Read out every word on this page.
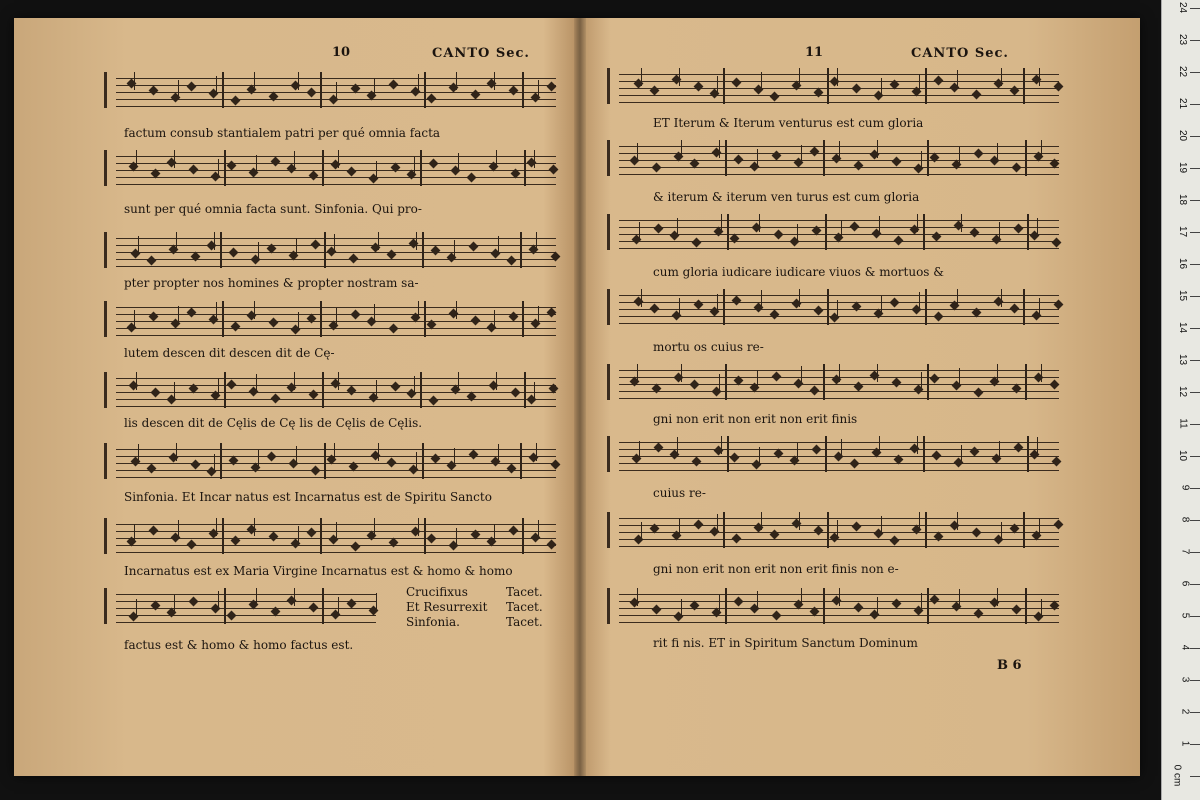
10	CANTO Sec.
factum consub stantialem patri per qué omnia facta
sunt per qué omnia facta sunt. Sinfonia. Qui pro-
pter propter nos homines & propter nostram sa-
lutem descen dit descen dit de Cę-
lis descen dit de Cęlis de Cę lis de Cęlis de Cęlis.
Sinfonia. Et Incar natus est Incarnatus est de Spiritu Sancto
Incarnatus est ex Maria Virgine Incarnatus est & homo & homo
factus est & homo & homo factus est.
Crucifixus	Tacet.
Et Resurrexit Tacet.
Sinfonia.	Tacet.
11	CANTO Sec.
ET Iterum & Iterum venturus est cum gloria
& iterum & iterum ven turus est cum gloria
cum gloria iudicare iudicare viuos & mortuos &
mortu os cuius re-
gni non erit non erit non erit finis
cuius re-
gni non erit non erit non erit finis non e-
rit fi nis. ET in Spiritum Sanctum Dominum
B 6
24
23
22
21
20
19
18
17
16
15
14
13
12
11
10
9
8
7
6
5
4
3
2
1
0 cm
